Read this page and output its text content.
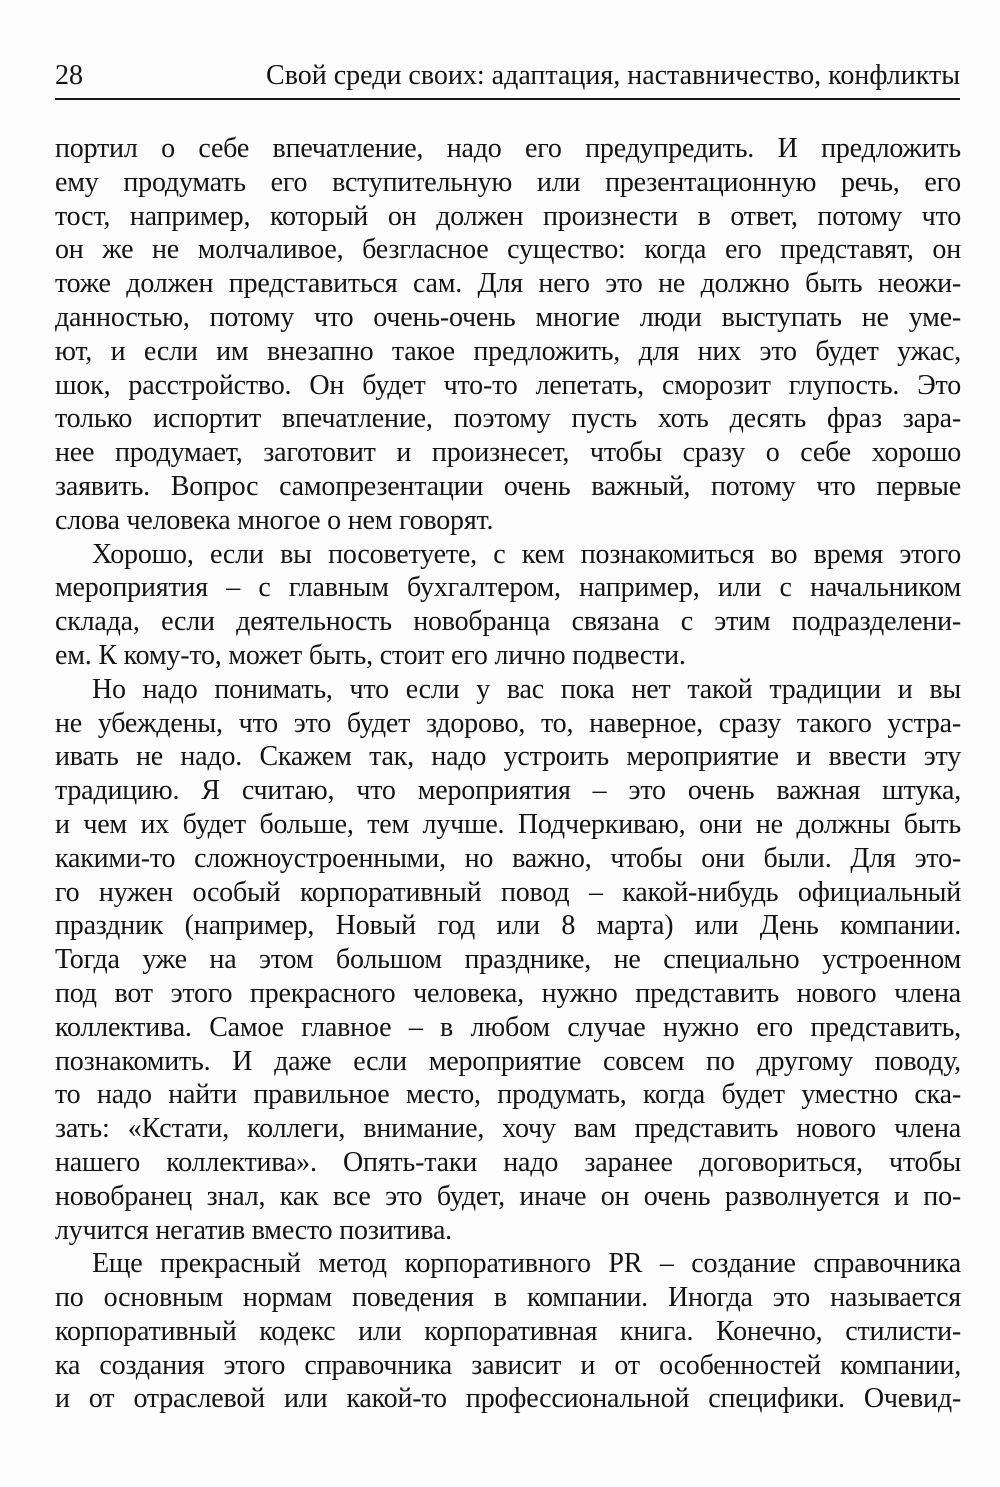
28	Свой среди своих: адаптация, наставничество, конфликты
портил о себе впечатление, надо его предупредить. И предложить
ему продумать его вступительную или презентационную речь, его
тост, например, который он должен произнести в ответ, потому что
он же не молчаливое, безгласное существо: когда его представят, он
тоже должен представиться сам. Для него это не должно быть неожи-
данностью, потому что очень-очень многие люди выступать не уме-
ют, и если им внезапно такое предложить, для них это будет ужас,
шок, расстройство. Он будет что-то лепетать, сморозит глупость. Это
только испортит впечатление, поэтому пусть хоть десять фраз зара-
нее продумает, заготовит и произнесет, чтобы сразу о себе хорошо
заявить. Вопрос самопрезентации очень важный, потому что первые
слова человека многое о нем говорят.
Хорошо, если вы посоветуете, с кем познакомиться во время этого
мероприятия – с главным бухгалтером, например, или с начальником
склада, если деятельность новобранца связана с этим подразделени-
ем. К кому-то, может быть, стоит его лично подвести.
Но надо понимать, что если у вас пока нет такой традиции и вы
не убеждены, что это будет здорово, то, наверное, сразу такого устра-
ивать не надо. Скажем так, надо устроить мероприятие и ввести эту
традицию. Я считаю, что мероприятия – это очень важная штука,
и чем их будет больше, тем лучше. Подчеркиваю, они не должны быть
какими-то сложноустроенными, но важно, чтобы они были. Для это-
го нужен особый корпоративный повод – какой-нибудь официальный
праздник (например, Новый год или 8 марта) или День компании.
Тогда уже на этом большом празднике, не специально устроенном
под вот этого прекрасного человека, нужно представить нового члена
коллектива. Самое главное – в любом случае нужно его представить,
познакомить. И даже если мероприятие совсем по другому поводу,
то надо найти правильное место, продумать, когда будет уместно ска-
зать: «Кстати, коллеги, внимание, хочу вам представить нового члена
нашего коллектива». Опять-таки надо заранее договориться, чтобы
новобранец знал, как все это будет, иначе он очень разволнуется и по-
лучится негатив вместо позитива.
Еще прекрасный метод корпоративного PR – создание справочника
по основным нормам поведения в компании. Иногда это называется
корпоративный кодекс или корпоративная книга. Конечно, стилисти-
ка создания этого справочника зависит и от особенностей компании,
и от отраслевой или какой-то профессиональной специфики. Очевид-
